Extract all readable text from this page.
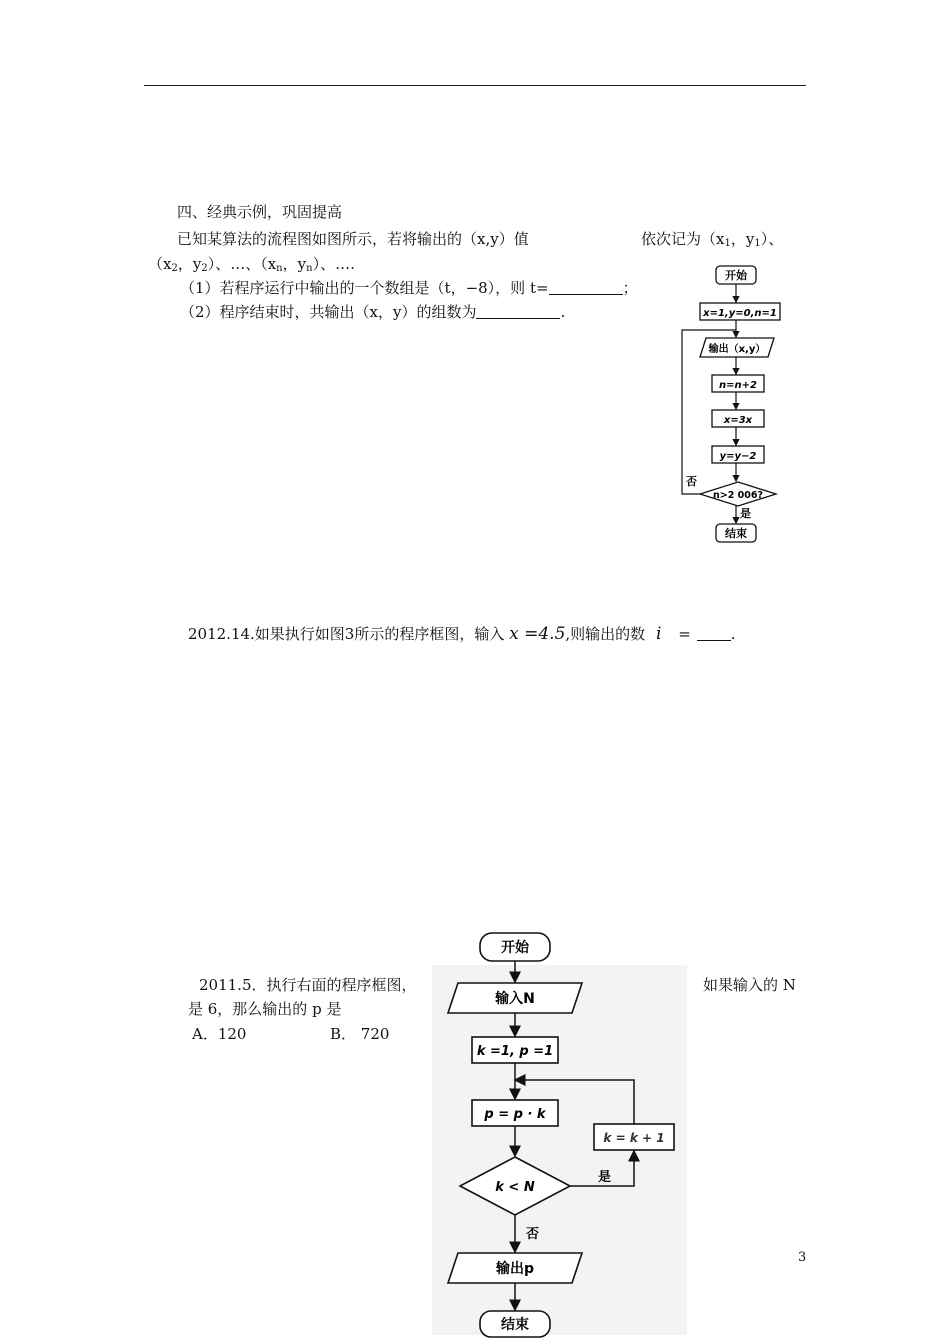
四、经典示例，巩固提高
已知某算法的流程图如图所示，若将输出的（x,y）值	依次记为（x1，y1）、
（x2，y2）、…、（xn，yn）、….
（1）若程序运行中输出的一个数组是（t，−8），则 t=	；
（2）程序结束时，共输出（x，y）的组数为	.
开始
x=1,y=0,n=1
输出（x,y）
n=n+2
x=3x
y=y−2
n>2 006?
否
是
结束
2012.14.如果执行如图3所示的程序框图，输入 x =4.5,则输出的数 i =	.
2011.5．执行右面的程序框图，	如果输入的 N
是 6，那么输出的 p 是
A．120	B． 720
开始
输入N
k =1, p =1
p = p · k
k = k + 1
k < N
是
否
输出p
结束
3
